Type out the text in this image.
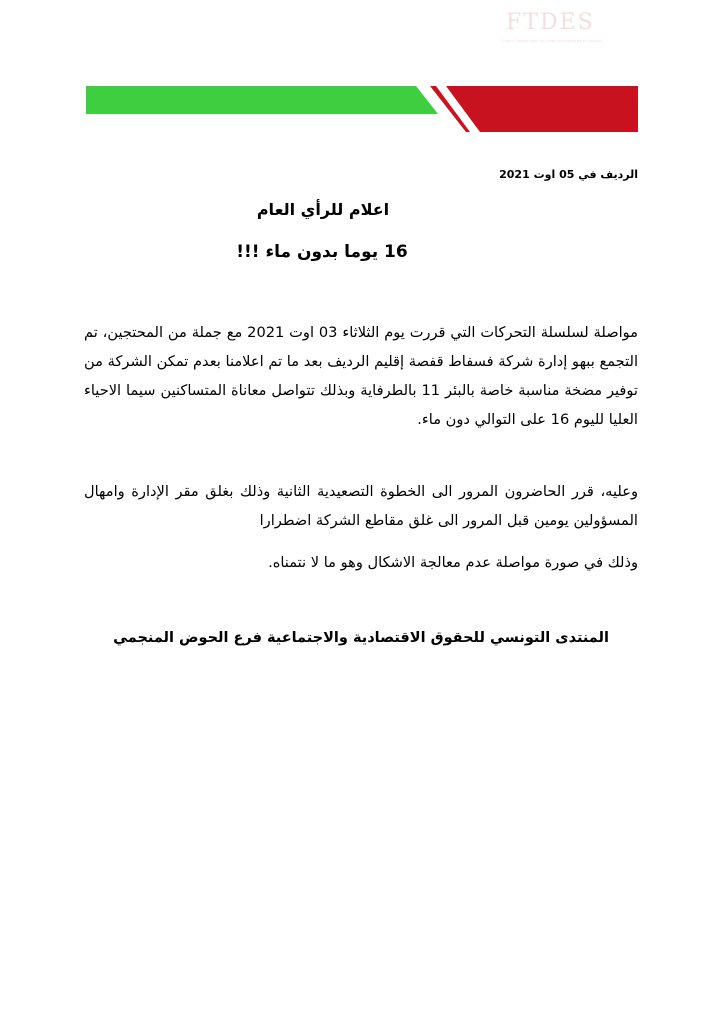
FTDES
Forum Tunisien pour les Droits Economiques et Sociaux
الرديف في 05 اوت 2021
اعلام للرأي العام
16 يوما بدون ماء !!!
مواصلة لسلسلة التحركات التي قررت يوم الثلاثاء 03 اوت 2021 مع جملة من المحتجين، تم التجمع ببهو إدارة شركة فسفاط قفصة إقليم الرديف بعد ما تم اعلامنا بعدم تمكن الشركة من توفير مضخة مناسبة خاصة بالبئر 11 بالطرفاية وبذلك تتواصل معاناة المتساكنين سيما الاحياء العليا لليوم 16 على التوالي دون ماء.
وعليه، قرر الحاضرون المرور الى الخطوة التصعيدية الثانية وذلك بغلق مقر الإدارة وامهال المسؤولين يومين قبل المرور الى غلق مقاطع الشركة اضطرارا
وذلك في صورة مواصلة عدم معالجة الاشكال وهو ما لا نتمناه.
المنتدى التونسي للحقوق الاقتصادية والاجتماعية فرع الحوض المنجمي
